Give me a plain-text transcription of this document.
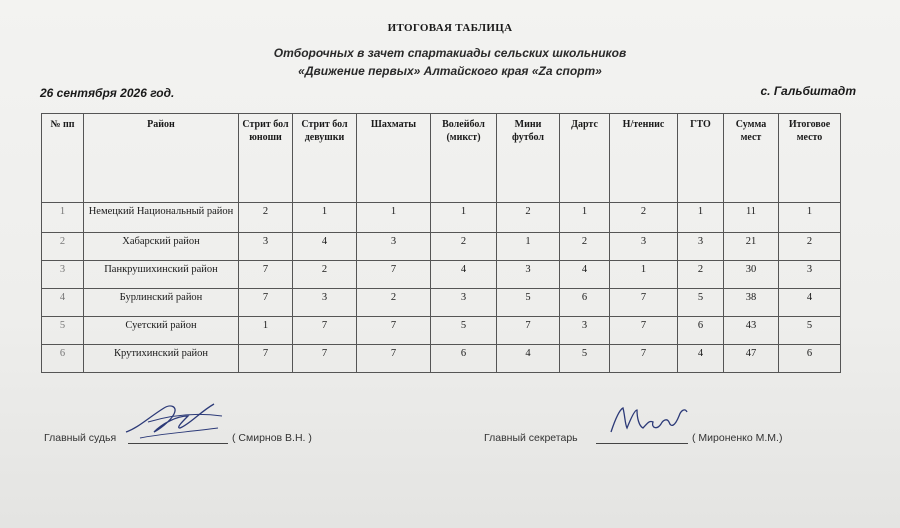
ИТОГОВАЯ ТАБЛИЦА
Отборочных в зачет спартакиады сельских школьников
«Движение первых» Алтайского края «Zа спорт»
26 сентября 2026 год.	с. Гальбштадт
№ пп	Район	Стрит бол юноши	Стрит бол девушки	Шахматы	Волейбол (микст)	Мини футбол	Дартс	Н/теннис	ГТО	Сумма мест	Итоговое место
1	Немецкий Национальный район	2	1	1	1	2	1	2	1	11	1
2	Хабарский район	3	4	3	2	1	2	3	3	21	2
3	Панкрушихинский район	7	2	7	4	3	4	1	2	30	3
4	Бурлинский район	7	3	2	3	5	6	7	5	38	4
5	Суетский район	1	7	7	5	7	3	7	6	43	5
6	Крутихинский район	7	7	7	6	4	5	7	4	47	6
Главный судья	( Смирнов В.Н. )	Главный секретарь	( Мироненко М.М.)
